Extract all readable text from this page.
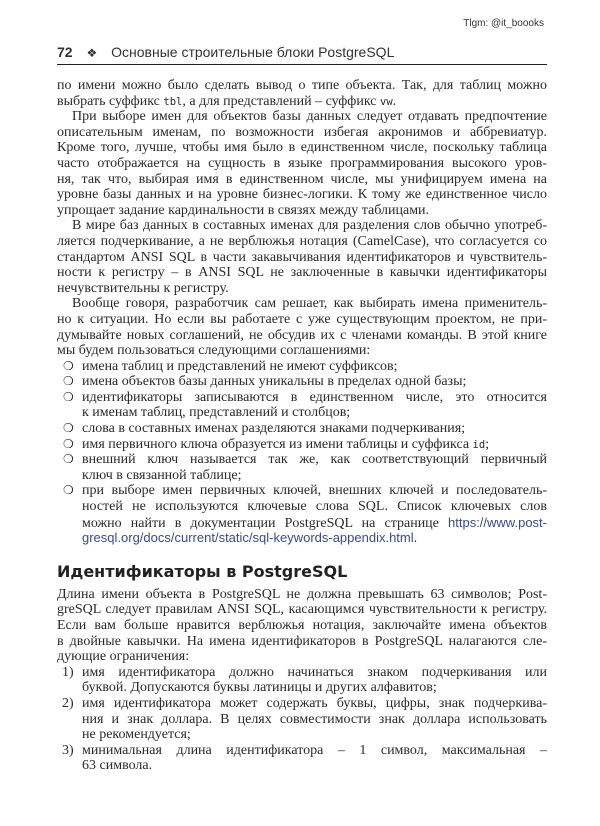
Tlgm: @it_boooks
72 ❖ Основные строительные блоки PostgreSQL
по имени можно было сделать вывод о типе объекта. Так, для таблиц можно
выбрать суффикс tbl, а для представлений – суффикс vw.
При выборе имен для объектов базы данных следует отдавать предпочтение
описательным именам, по возможности избегая акронимов и аббревиатур.
Кроме того, лучше, чтобы имя было в единственном числе, поскольку таблица
часто отображается на сущность в языке программирования высокого уров-
ня, так что, выбирая имя в единственном числе, мы унифицируем имена на
уровне базы данных и на уровне бизнес-логики. К тому же единственное число
упрощает задание кардинальности в связях между таблицами.
В мире баз данных в составных именах для разделения слов обычно употреб-
ляется подчеркивание, а не верблюжья нотация (CamelCase), что согласуется со
стандартом ANSI SQL в части закавычивания идентификаторов и чувствитель-
ности к регистру – в ANSI SQL не заключенные в кавычки идентификаторы
нечувствительны к регистру.
Вообще говоря, разработчик сам решает, как выбирать имена применитель-
но к ситуации. Но если вы работаете с уже существующим проектом, не при-
думывайте новых соглашений, не обсудив их с членами команды. В этой книге
мы будем пользоваться следующими соглашениями:
❍ имена таблиц и представлений не имеют суффиксов;
❍ имена объектов базы данных уникальны в пределах одной базы;
❍ идентификаторы записываются в единственном числе, это относится
к именам таблиц, представлений и столбцов;
❍ слова в составных именах разделяются знаками подчеркивания;
❍ имя первичного ключа образуется из имени таблицы и суффикса id;
❍ внешний ключ называется так же, как соответствующий первичный
ключ в связанной таблице;
❍ при выборе имен первичных ключей, внешних ключей и последователь-
ностей не используются ключевые слова SQL. Список ключевых слов
можно найти в документации PostgreSQL на странице https://www.post-
gresql.org/docs/current/static/sql-keywords-appendix.html.
Идентификаторы в PostgreSQL
Длина имени объекта в PostgreSQL не должна превышать 63 символов; Post-
greSQL следует правилам ANSI SQL, касающимся чувствительности к регистру.
Если вам больше нравится верблюжья нотация, заключайте имена объектов
в двойные кавычки. На имена идентификаторов в PostgreSQL налагаются сле-
дующие ограничения:
1) имя идентификатора должно начинаться знаком подчеркивания или
буквой. Допускаются буквы латиницы и других алфавитов;
2) имя идентификатора может содержать буквы, цифры, знак подчеркива-
ния и знак доллара. В целях совместимости знак доллара использовать
не рекомендуется;
3) минимальная длина идентификатора – 1 символ, максимальная –
63 символа.
